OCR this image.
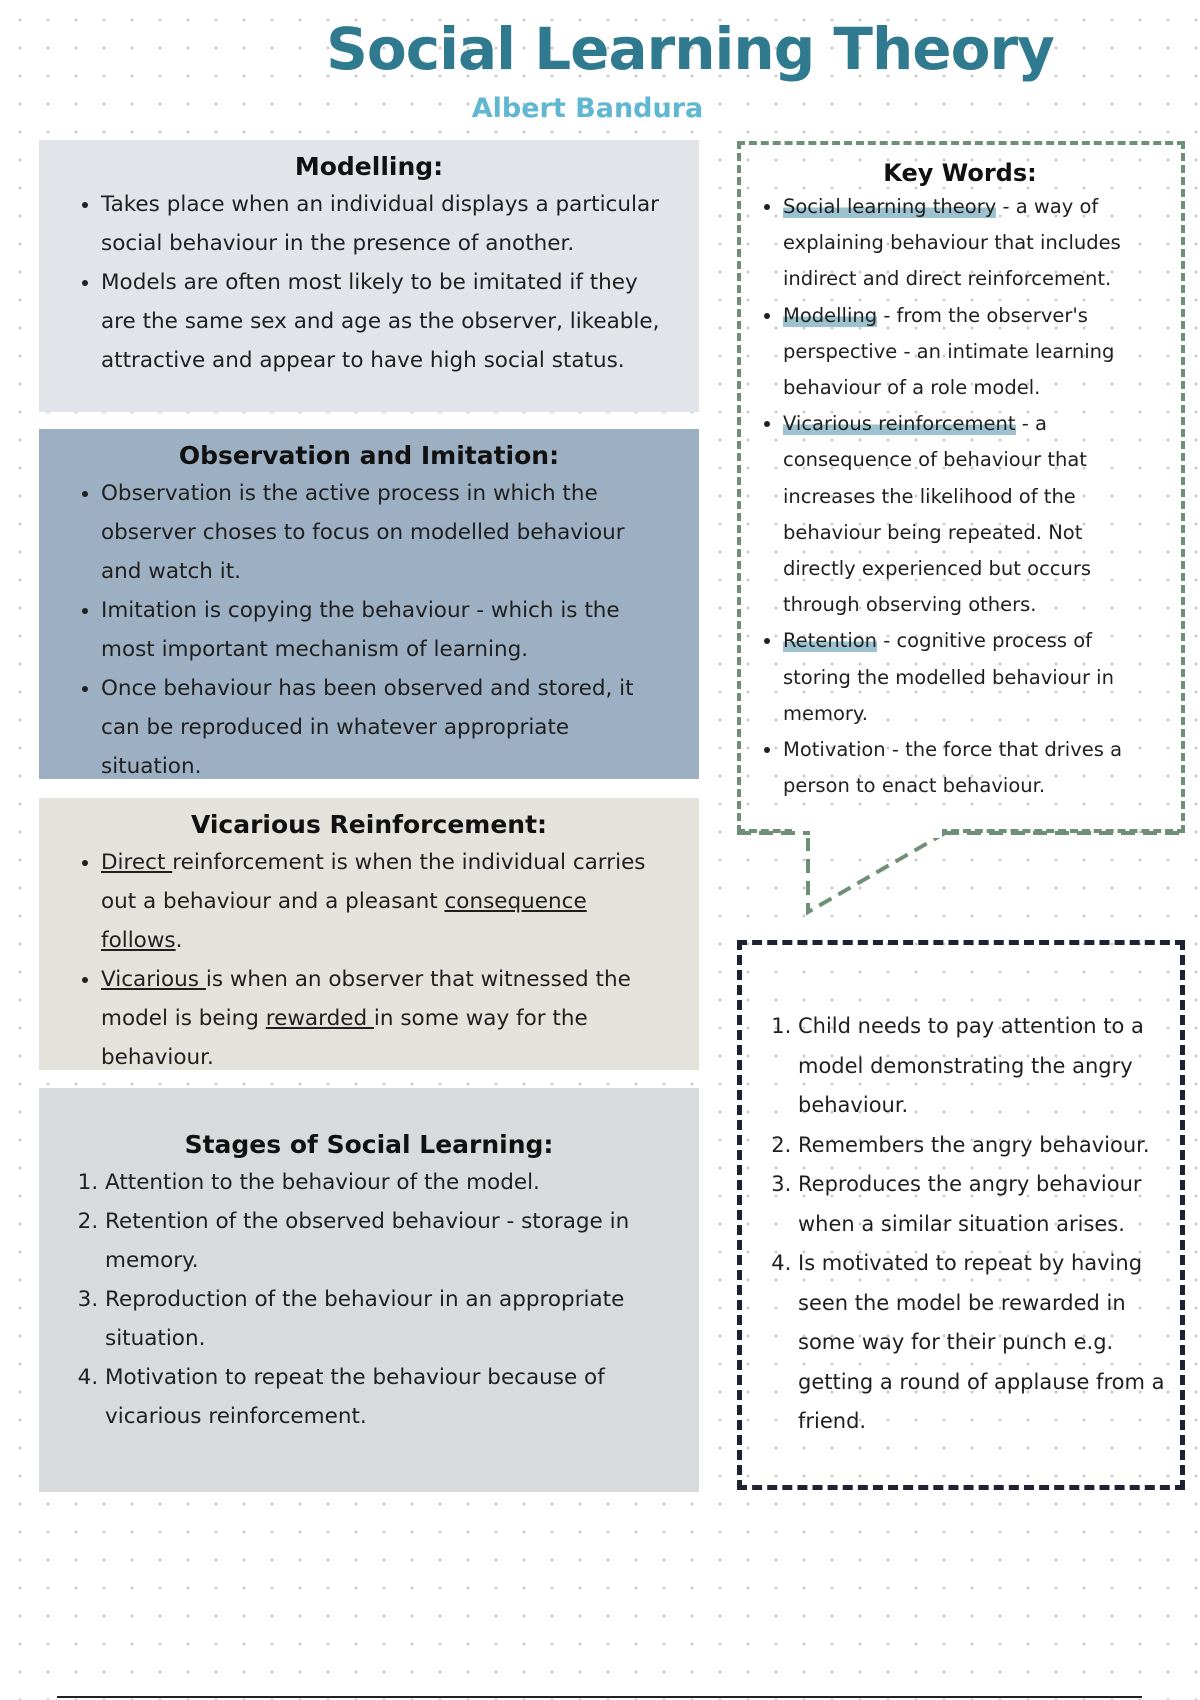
Social Learning Theory

Albert Bandura

Modelling:
• Takes place when an individual displays a particular social behaviour in the presence of another.
• Models are often most likely to be imitated if they are the same sex and age as the observer, likeable, attractive and appear to have high social status.
Observation and Imitation:
• Observation is the active process in which the observer choses to focus on modelled behaviour and watch it.
• Imitation is copying the behaviour - which is the most important mechanism of learning.
• Once behaviour has been observed and stored, it can be reproduced in whatever appropriate situation.
Vicarious Reinforcement:
• Direct reinforcement is when the individual carries out a behaviour and a pleasant consequence follows.
• Vicarious is when an observer that witnessed the model is being rewarded in some way for the behaviour.
Stages of Social Learning:
1. Attention to the behaviour of the model.
2. Retention of the observed behaviour - storage in memory.
3. Reproduction of the behaviour in an appropriate situation.
4. Motivation to repeat the behaviour because of vicarious reinforcement.
Key Words:
• Social learning theory - a way of explaining behaviour that includes indirect and direct reinforcement.
• Modelling - from the observer's perspective - an intimate learning behaviour of a role model.
• Vicarious reinforcement - a consequence of behaviour that increases the likelihood of the behaviour being repeated. Not directly experienced but occurs through observing others.
• Retention - cognitive process of storing the modelled behaviour in memory.
• Motivation - the force that drives a person to enact behaviour.
1. Child needs to pay attention to a model demonstrating the angry behaviour.
2. Remembers the angry behaviour.
3. Reproduces the angry behaviour when a similar situation arises.
4. Is motivated to repeat by having seen the model be rewarded in some way for their punch e.g. getting a round of applause from a friend.
